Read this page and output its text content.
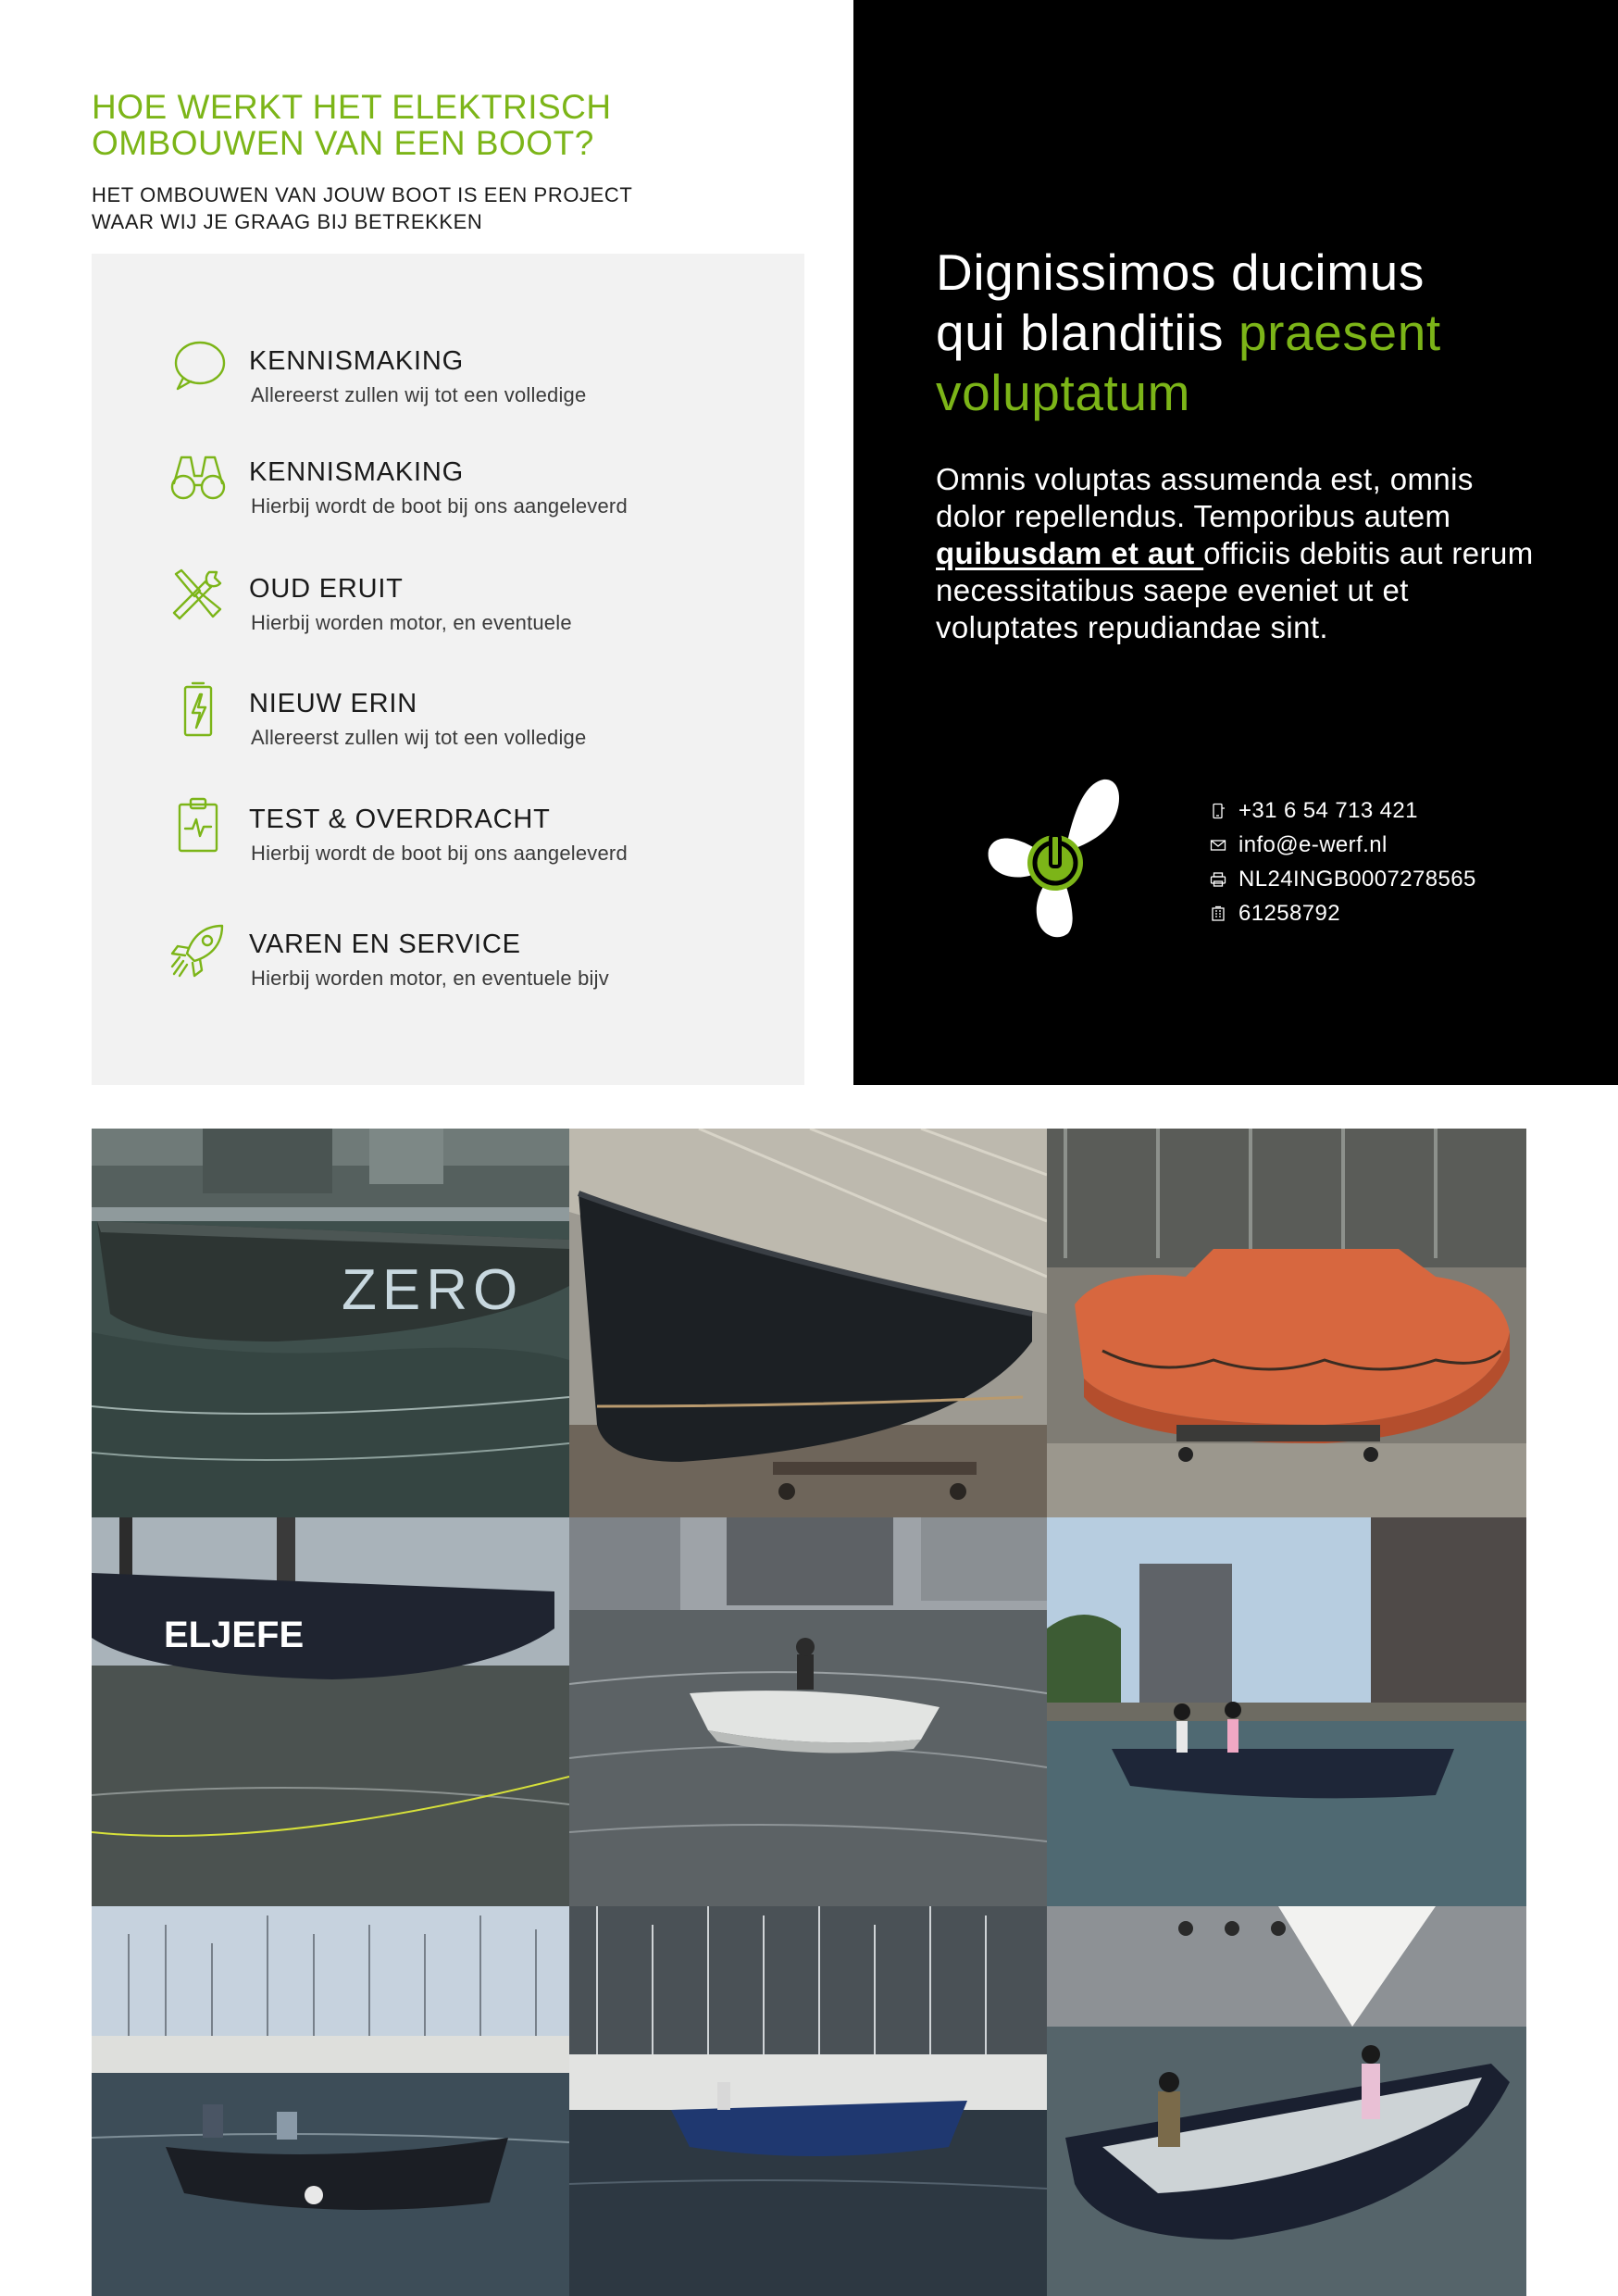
HOE WERKT HET ELEKTRISCH
OMBOUWEN VAN EEN BOOT?

HET OMBOUWEN VAN JOUW BOOT IS EEN PROJECT
WAAR WIJ JE GRAAG BIJ BETREKKEN

KENNISMAKING
Allereerst zullen wij tot een volledige
KENNISMAKING
Hierbij wordt de boot bij ons aangeleverd
OUD ERUIT
Hierbij worden motor, en eventuele
NIEUW ERIN
Allereerst zullen wij tot een volledige
TEST & OVERDRACHT
Hierbij wordt de boot bij ons aangeleverd
VAREN EN SERVICE
Hierbij worden motor, en eventuele bijv
Dignissimos ducimus
qui blanditiis praesent
voluptatum

Omnis voluptas assumenda est, omnis dolor repellendus. Temporibus autem quibusdam et aut officiis debitis aut rerum necessitatibus saepe eveniet ut et voluptates repudiandae sint.

+31 6 54 713 421
info@e-werf.nl
NL24INGB0007278565
61258792
ZERO
ELJEFE
